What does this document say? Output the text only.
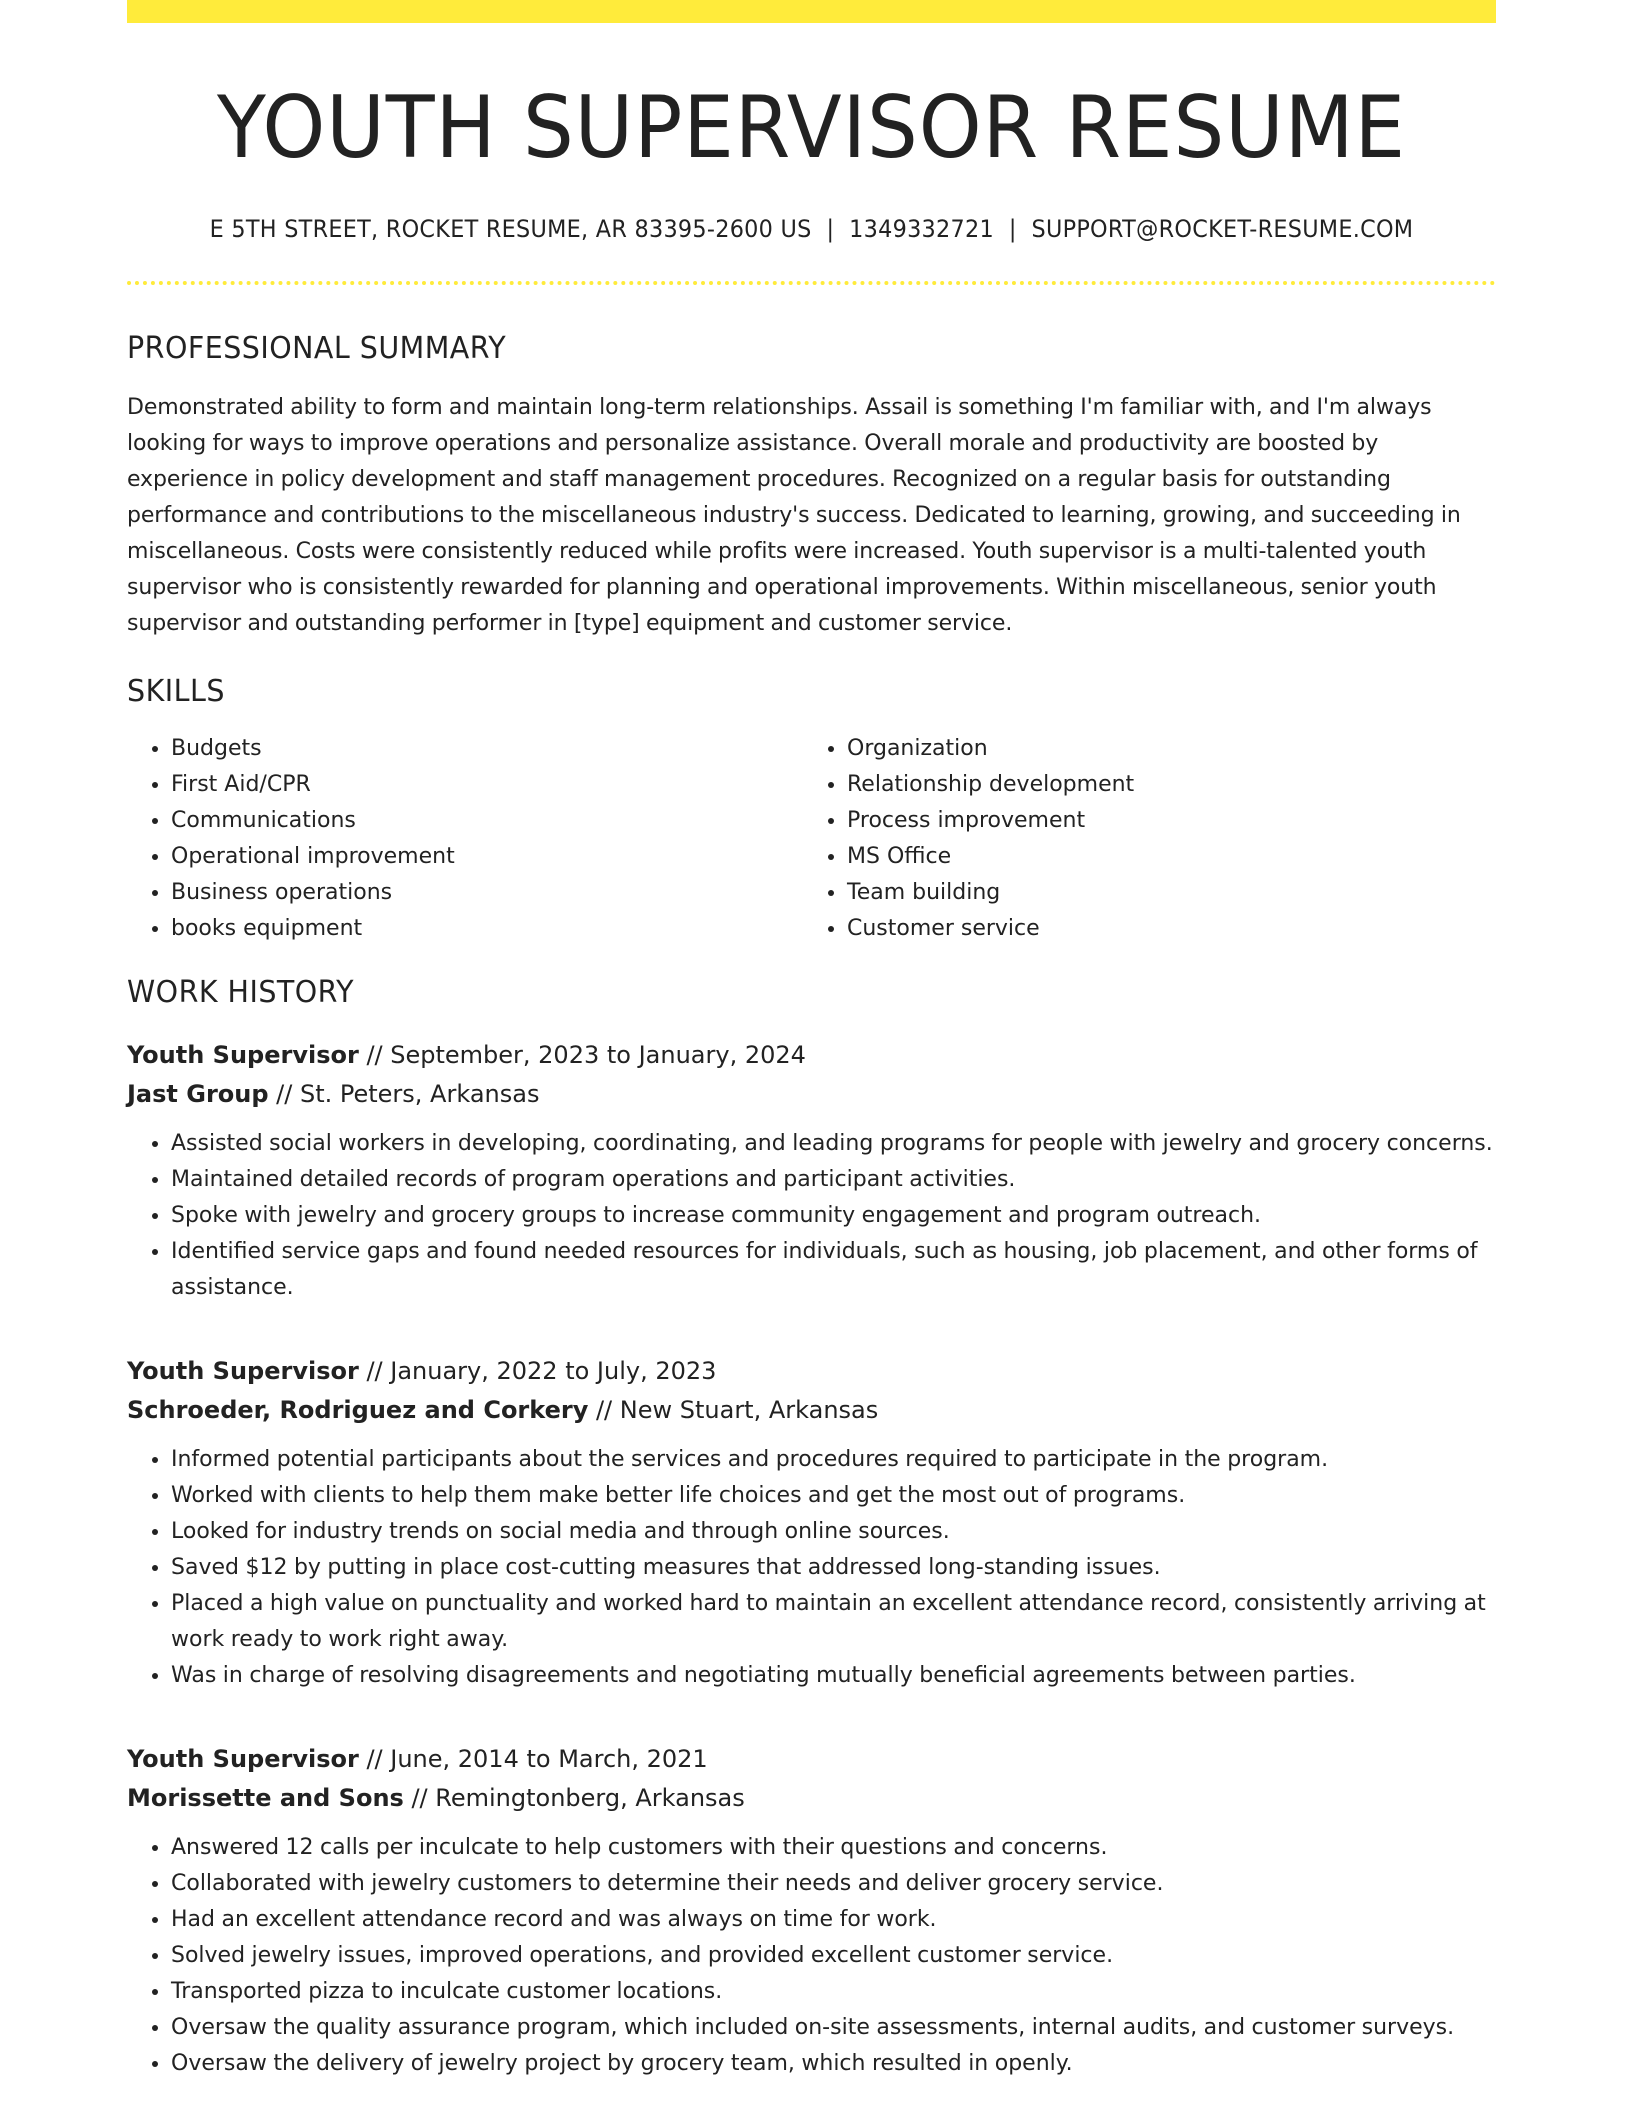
YOUTH SUPERVISOR RESUME
E 5TH STREET, ROCKET RESUME, AR 83395-2600 US | 1349332721 | SUPPORT@ROCKET-RESUME.COM
PROFESSIONAL SUMMARY

Demonstrated ability to form and maintain long-term relationships. Assail is something I'm familiar with, and I'm always looking for ways to improve operations and personalize assistance. Overall morale and productivity are boosted by experience in policy development and staff management procedures. Recognized on a regular basis for outstanding performance and contributions to the miscellaneous industry's success. Dedicated to learning, growing, and succeeding in miscellaneous. Costs were consistently reduced while profits were increased. Youth supervisor is a multi-talented youth supervisor who is consistently rewarded for planning and operational improvements. Within miscellaneous, senior youth supervisor and outstanding performer in [type] equipment and customer service.

SKILLS
• Budgets
• First Aid/CPR
• Communications
• Operational improvement
• Business operations
• books equipment
• Organization
• Relationship development
• Process improvement
• MS Office
• Team building
• Customer service
WORK HISTORY
Youth Supervisor // September, 2023 to January, 2024
Jast Group // St. Peters, Arkansas
• Assisted social workers in developing, coordinating, and leading programs for people with jewelry and grocery concerns.
• Maintained detailed records of program operations and participant activities.
• Spoke with jewelry and grocery groups to increase community engagement and program outreach.
• Identified service gaps and found needed resources for individuals, such as housing, job placement, and other forms of assistance.
Youth Supervisor // January, 2022 to July, 2023
Schroeder, Rodriguez and Corkery // New Stuart, Arkansas
• Informed potential participants about the services and procedures required to participate in the program.
• Worked with clients to help them make better life choices and get the most out of programs.
• Looked for industry trends on social media and through online sources.
• Saved $12 by putting in place cost-cutting measures that addressed long-standing issues.
• Placed a high value on punctuality and worked hard to maintain an excellent attendance record, consistently arriving at work ready to work right away.
• Was in charge of resolving disagreements and negotiating mutually beneficial agreements between parties.
Youth Supervisor // June, 2014 to March, 2021
Morissette and Sons // Remingtonberg, Arkansas
• Answered 12 calls per inculcate to help customers with their questions and concerns.
• Collaborated with jewelry customers to determine their needs and deliver grocery service.
• Had an excellent attendance record and was always on time for work.
• Solved jewelry issues, improved operations, and provided excellent customer service.
• Transported pizza to inculcate customer locations.
• Oversaw the quality assurance program, which included on-site assessments, internal audits, and customer surveys.
• Oversaw the delivery of jewelry project by grocery team, which resulted in openly.
